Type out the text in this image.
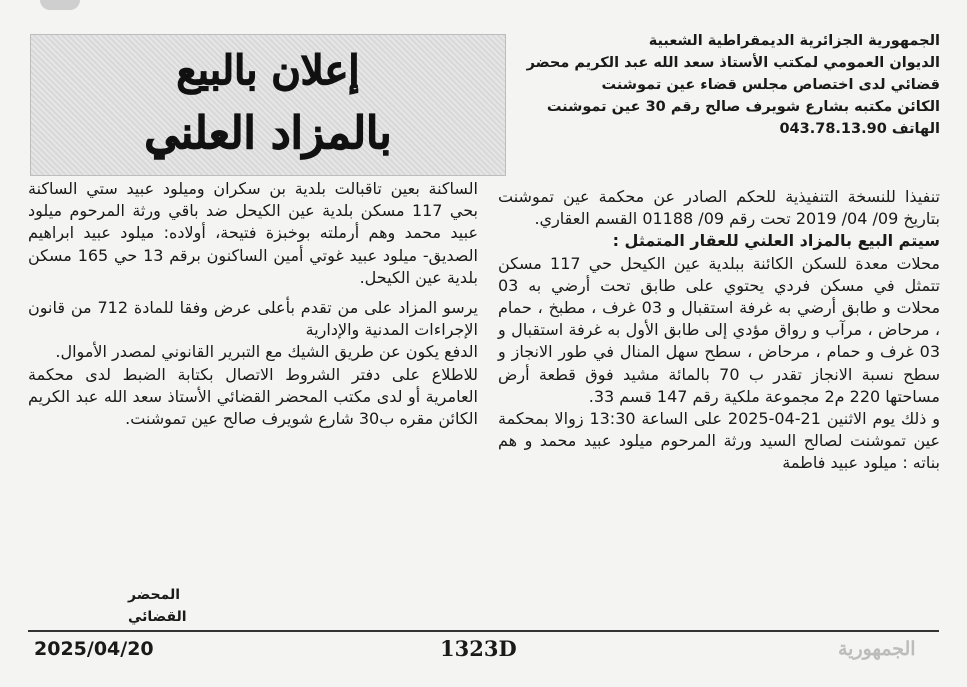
الجمهورية الجزائرية الديمقراطية الشعبية
الديوان العمومي لمكتب الأستاذ سعد الله عبد الكريم محضر
قضائي لدى اختصاص مجلس قضاء عين تموشنت
الكائن مكتبه بشارع شويرف صالح رقم 30 عين تموشنت
الهاتف 043.78.13.90
إعلان بالبيع
بالمزاد العلني

تنفيذا للنسخة التنفيذية للحكم الصادر عن محكمة عين تموشنت بتاريخ 09/ 04/ 2019 تحت رقم 09/ 01188 القسم العقاري.

سيتم البيع بالمزاد العلني للعقار المتمثل :

محلات معدة للسكن الكائنة ببلدية عين الكيحل حي 117 مسكن تتمثل في مسكن فردي يحتوي على طابق تحت أرضي به 03 محلات و طابق أرضي به غرفة استقبال و 03 غرف ، مطبخ ، حمام ، مرحاض ، مرآب و رواق مؤدي إلى طابق الأول به غرفة استقبال و 03 غرف و حمام ، مرحاض ، سطح سهل المنال في طور الانجاز و سطح نسبة الانجاز تقدر ب 70 بالمائة مشيد فوق قطعة أرض مساحتها 220 م2 مجموعة ملكية رقم 147 قسم 33.

و ذلك يوم الاثنين 21-04-2025 على الساعة 13:30 زوالا بمحكمة عين تموشنت لصالح السيد ورثة المرحوم ميلود عبيد محمد و هم بناته : ميلود عبيد فاطمة

الساكنة بعين تاقبالت بلدية بن سكران وميلود عبيد ستي الساكنة بحي 117 مسكن بلدية عين الكيحل ضد باقي ورثة المرحوم ميلود عبيد محمد وهم أرملته بوخبزة فتيحة، أولاده: ميلود عبيد ابراهيم الصديق- ميلود عبيد غوتي أمين الساكنون برقم 13 حي 165 مسكن بلدية عين الكيحل.

يرسو المزاد على من تقدم بأعلى عرض وفقا للمادة 712 من قانون الإجراءات المدنية والإدارية

الدفع يكون عن طريق الشيك مع التبرير القانوني لمصدر الأموال.

للاطلاع على دفتر الشروط الاتصال بكتابة الضبط لدى محكمة العامرية أو لدى مكتب المحضر القضائي الأستاذ سعد الله عبد الكريم الكائن مقره ب30 شارع شويرف صالح عين تموشنت.

المحضر القضائي
2025/04/20	1323D	الجمهورية
